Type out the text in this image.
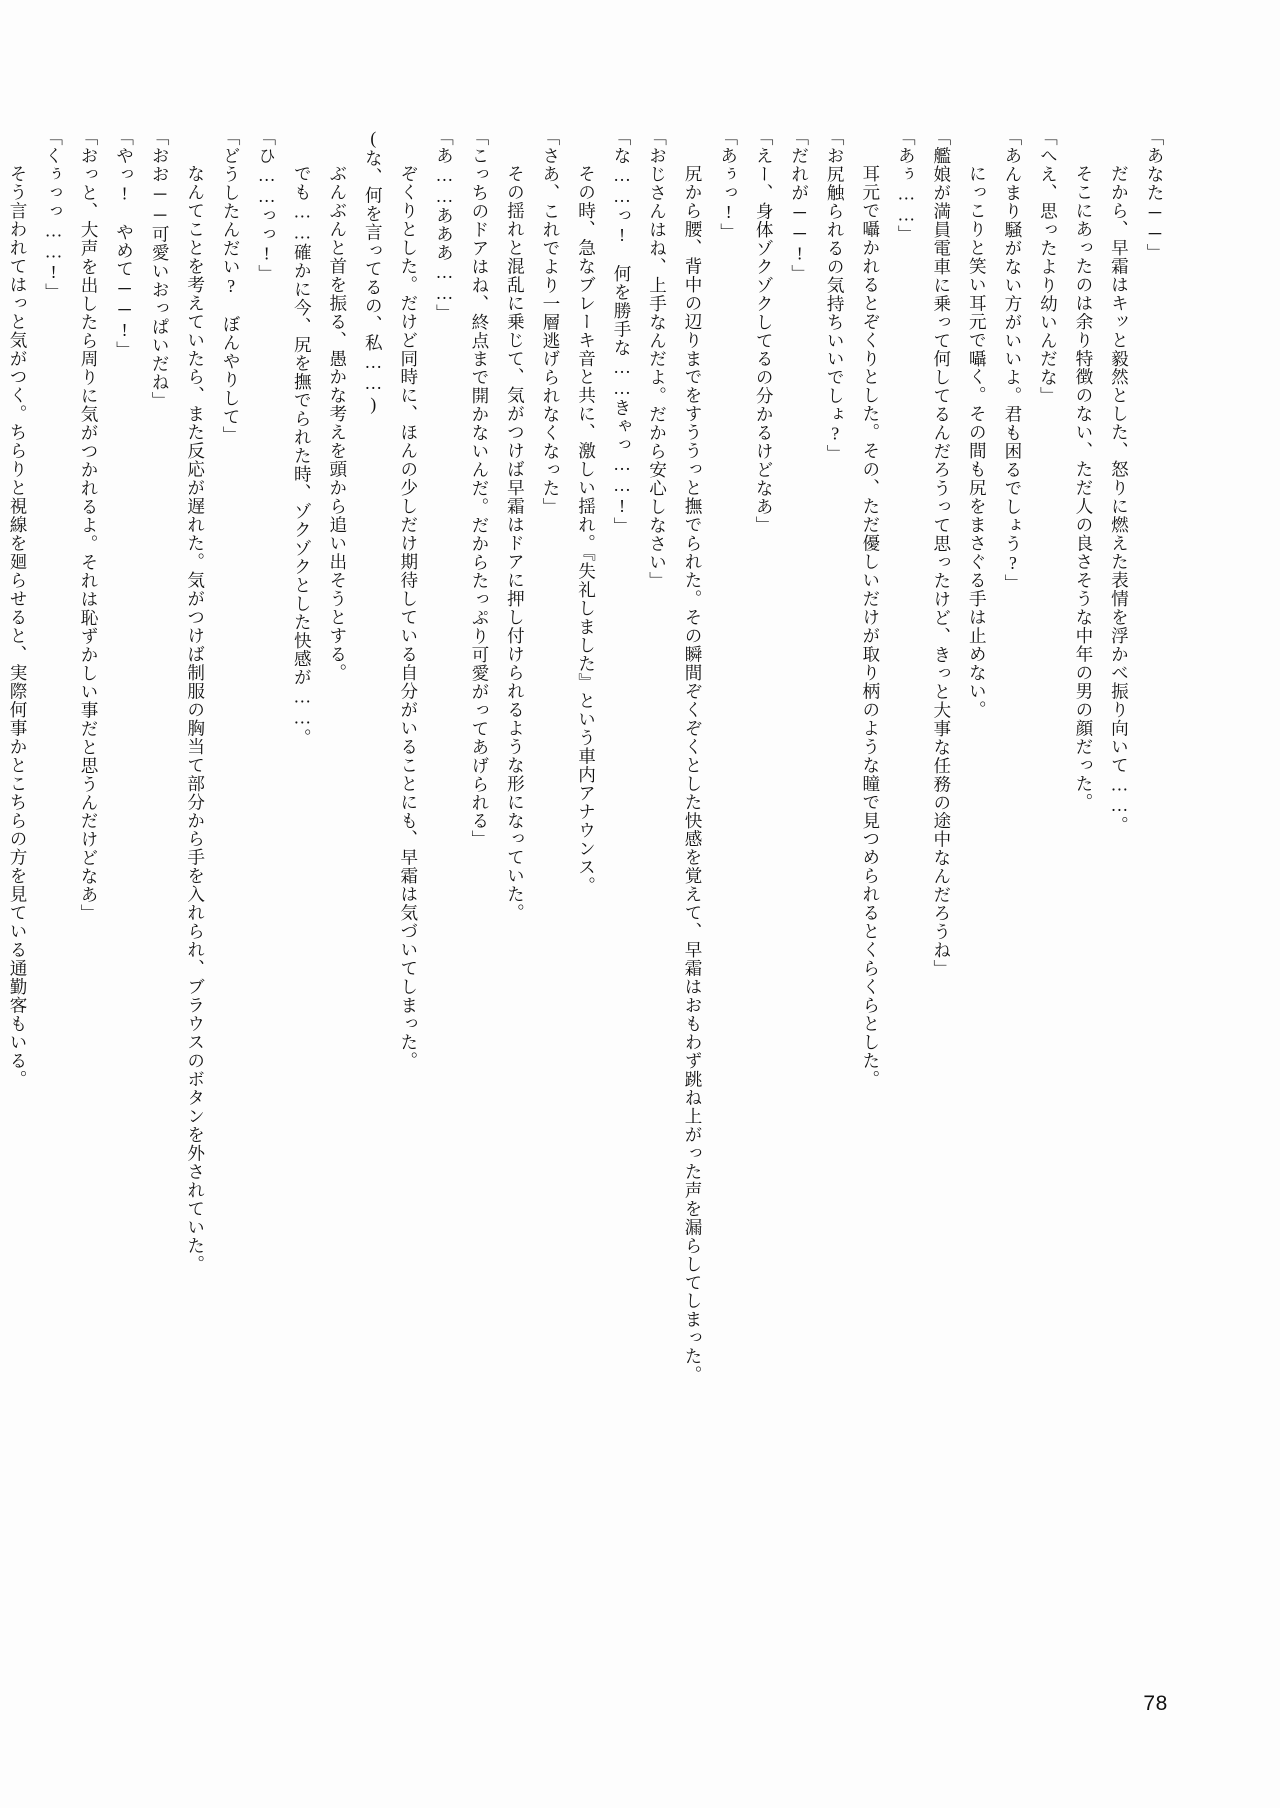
「あなた──」

　だから、早霜はキッと毅然とした、怒りに燃えた表情を浮かべ振り向いて……。

　そこにあったのは余り特徴のない、ただ人の良さそうな中年の男の顔だった。

「へえ、思ったより幼いんだな」

「あんまり騒がない方がいいよ。君も困るでしょう?」

　にっこりと笑い耳元で囁く。その間も尻をまさぐる手は止めない。

「艦娘が満員電車に乗って何してるんだろうって思ったけど、きっと大事な任務の途中なんだろうね」

「あぅ……」

　耳元で囁かれるとぞくりとした。その、ただ優しいだけが取り柄のような瞳で見つめられるとくらくらとした。

「お尻触られるの気持ちいいでしょ?」

「だれが──!」

「えー、身体ゾクゾクしてるの分かるけどなあ」

「あぅっ!」

　尻から腰、背中の辺りまでをすううっと撫でられた。その瞬間ぞくぞくとした快感を覚えて、早霜はおもわず跳ね上がった声を漏らしてしまった。

「おじさんはね、上手なんだよ。だから安心しなさい」

「な……っ!　何を勝手な……きゃっ……!」

　その時、急なブレーキ音と共に、激しい揺れ。『失礼しました』という車内アナウンス。

「さあ、これでより一層逃げられなくなった」

　その揺れと混乱に乗じて、気がつけば早霜はドアに押し付けられるような形になっていた。

「こっちのドアはね、終点まで開かないんだ。だからたっぷり可愛がってあげられる」

「あ……あああ……」

　ぞくりとした。だけど同時に、ほんの少しだけ期待している自分がいることにも、早霜は気づいてしまった。

(な、何を言ってるの、私……)

　ぶんぶんと首を振る、愚かな考えを頭から追い出そうとする。

　でも……確かに今、尻を撫でられた時、ゾクゾクとした快感が……。

「ひ……っっ!」

「どうしたんだい?　ぼんやりして」

　なんてことを考えていたら、また反応が遅れた。気がつけば制服の胸当て部分から手を入れられ、ブラウスのボタンを外されていた。

「おお──可愛いおっぱいだね」

「やっ!　やめて──!」

「おっと、大声を出したら周りに気がつかれるよ。それは恥ずかしい事だと思うんだけどなあ」

「くぅっっ……!」

　そう言われてはっと気がつく。ちらりと視線を廻らせると、実際何事かとこちらの方を見ている通勤客もいる。

78
